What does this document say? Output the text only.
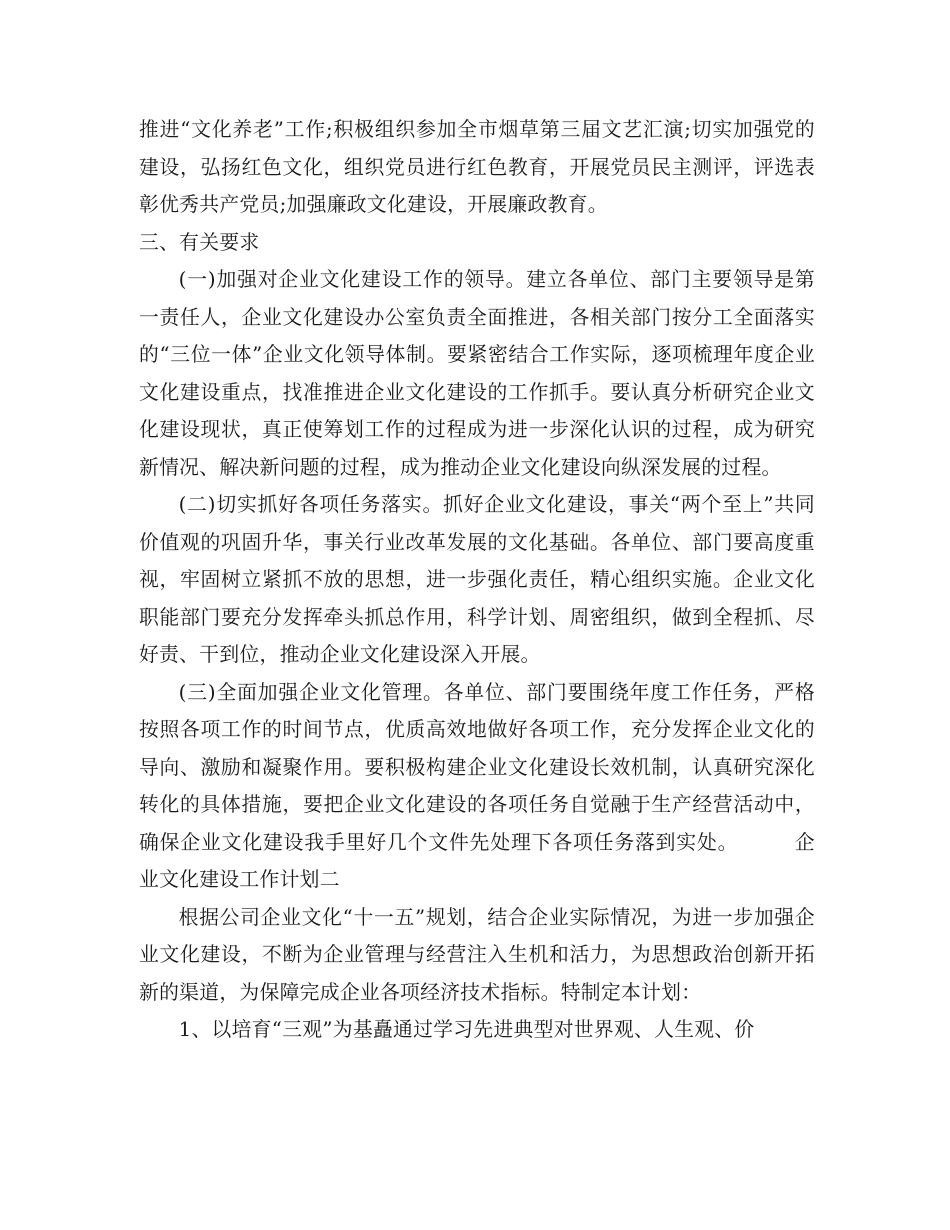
推进“文化养老”工作;积极组织参加全市烟草第三届文艺汇演;切实加强党的建设，弘扬红色文化，组织党员进行红色教育，开展党员民主测评，评选表彰优秀共产党员;加强廉政文化建设，开展廉政教育。

三、有关要求

(一)加强对企业文化建设工作的领导。建立各单位、部门主要领导是第一责任人，企业文化建设办公室负责全面推进，各相关部门按分工全面落实的“三位一体”企业文化领导体制。要紧密结合工作实际，逐项梳理年度企业文化建设重点，找准推进企业文化建设的工作抓手。要认真分析研究企业文化建设现状，真正使筹划工作的过程成为进一步深化认识的过程，成为研究新情况、解决新问题的过程，成为推动企业文化建设向纵深发展的过程。

(二)切实抓好各项任务落实。抓好企业文化建设，事关“两个至上”共同价值观的巩固升华，事关行业改革发展的文化基础。各单位、部门要高度重视，牢固树立紧抓不放的思想，进一步强化责任，精心组织实施。企业文化职能部门要充分发挥牵头抓总作用，科学计划、周密组织，做到全程抓、尽好责、干到位，推动企业文化建设深入开展。

(三)全面加强企业文化管理。各单位、部门要围绕年度工作任务，严格按照各项工作的时间节点，优质高效地做好各项工作，充分发挥企业文化的导向、激励和凝聚作用。要积极构建企业文化建设长效机制，认真研究深化转化的具体措施，要把企业文化建设的各项任务自觉融于生产经营活动中，确保企业文化建设我手里好几个文件先处理下各项任务落到实处。	企业文化建设工作计划二

根据公司企业文化“十一五”规划，结合企业实际情况，为进一步加强企业文化建设，不断为企业管理与经营注入生机和活力，为思想政治创新开拓新的渠道，为保障完成企业各项经济技术指标。特制定本计划：

1、以培育“三观”为基矗通过学习先进典型对世界观、人生观、价
